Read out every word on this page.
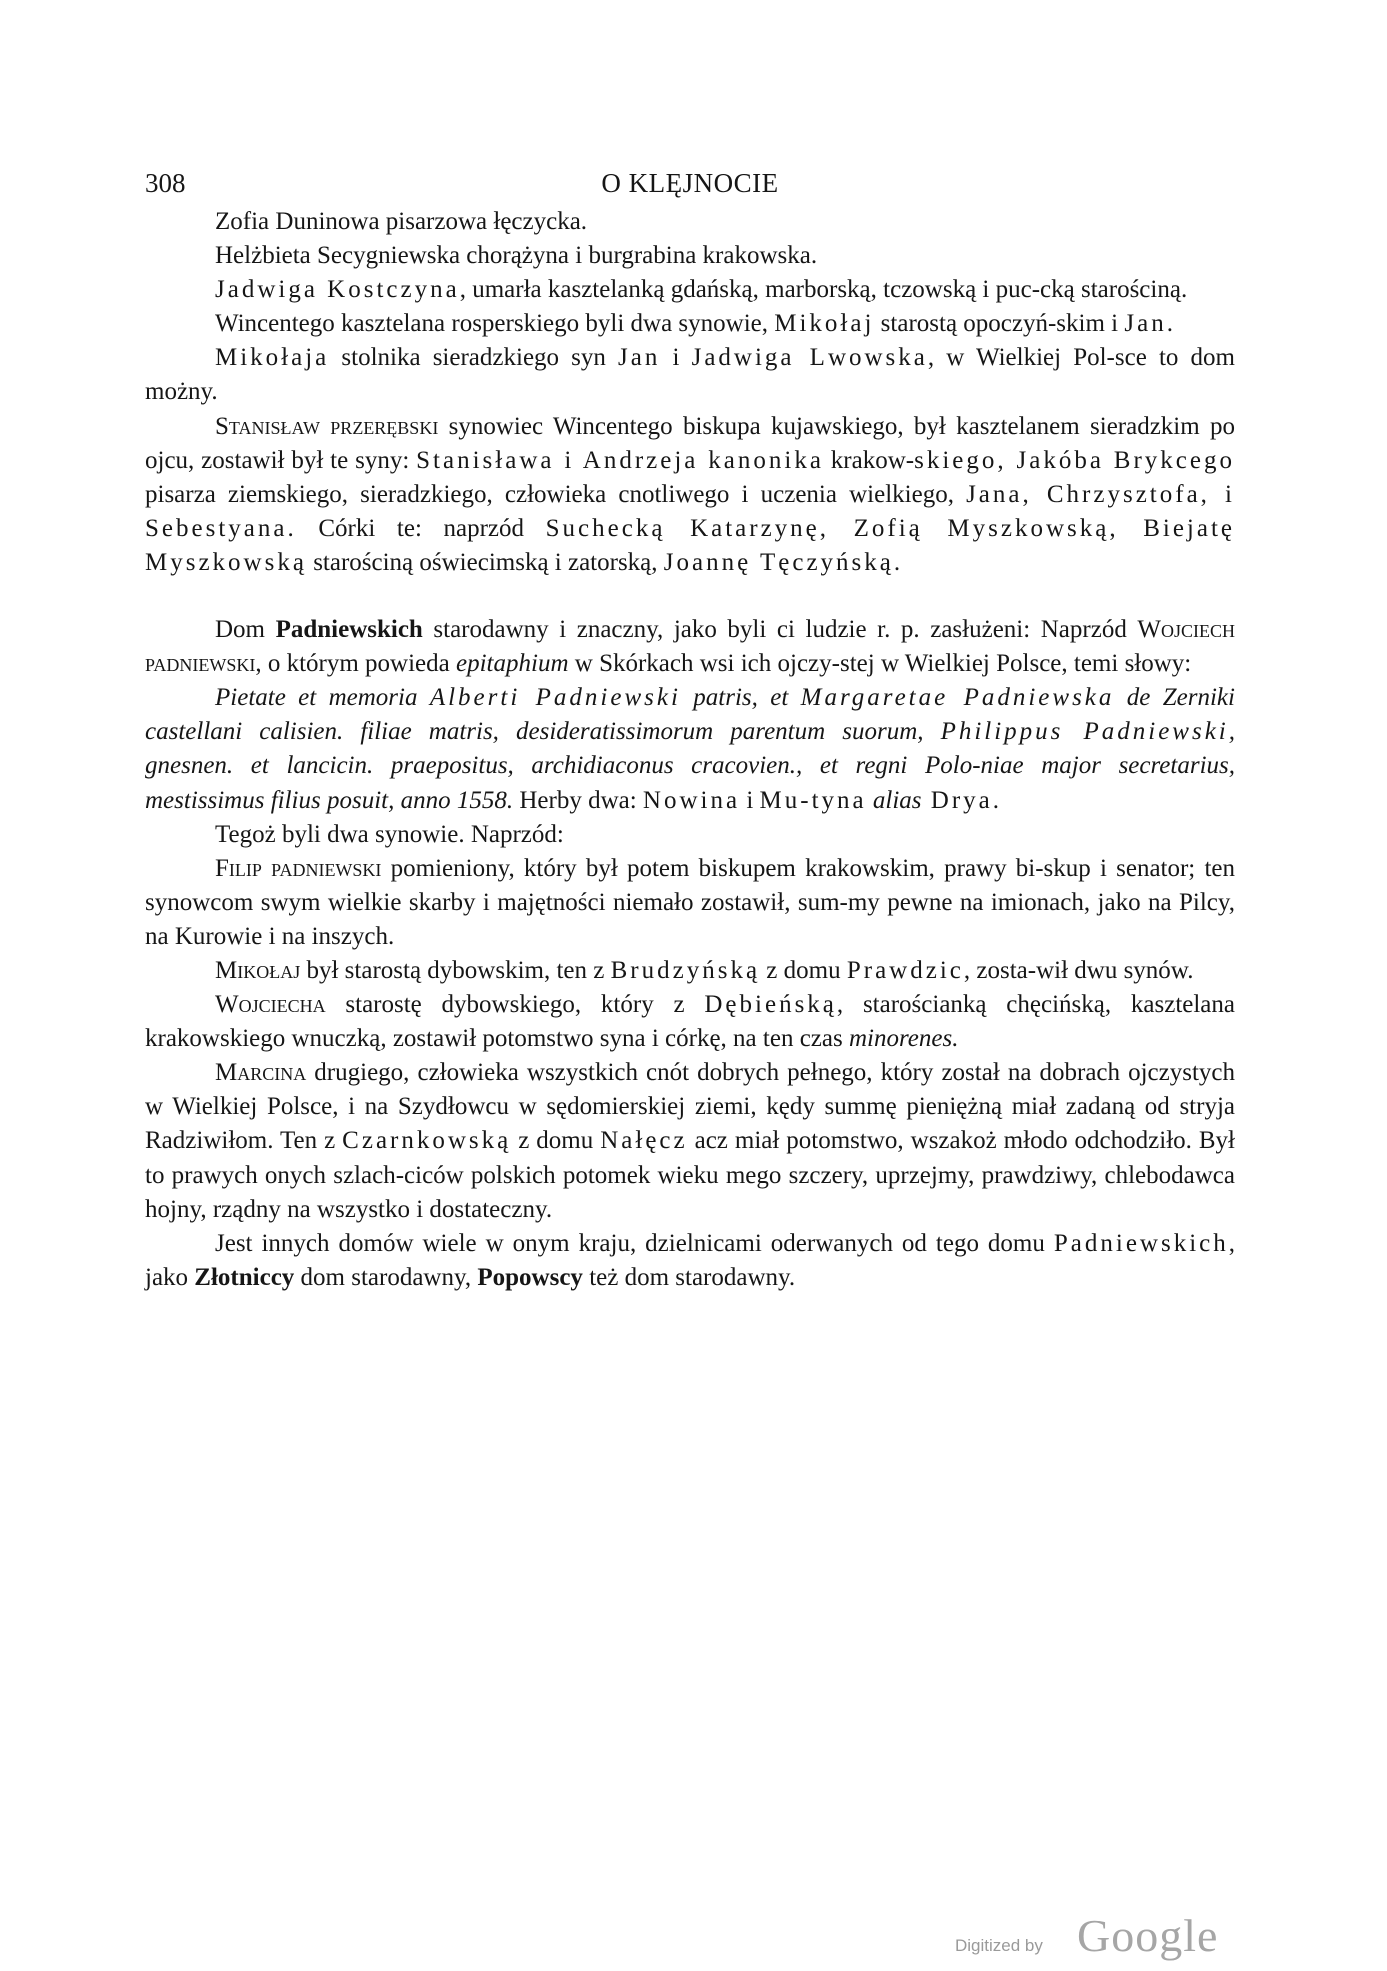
308	O KLĘJNOCIE

Zofia Duninowa pisarzowa łęczycka.

Helżbieta Secygniewska chorążyna i burgrabina krakowska.

Jadwiga Kostczyna, umarła kasztelanką gdańską, marborską, tczowską i puc-cką starościną.

Wincentego kasztelana rosperskiego byli dwa synowie, Mikołaj starostą opoczyń-skim i Jan.

Mikołaja stolnika sieradzkiego syn Jan i Jadwiga Lwowska, w Wielkiej Pol-sce to dom możny.

Stanisław przerębski synowiec Wincentego biskupa kujawskiego, był kasztelanem sieradzkim po ojcu, zostawił był te syny: Stanisława i Andrzeja kanonika krakow-skiego, Jakóba Brykcego pisarza ziemskiego, sieradzkiego, człowieka cnotliwego i uczenia wielkiego, Jana, Chrzysztofa, i Sebestyana. Córki te: naprzód Suchecką Katarzynę, Zofią Myszkowską, Biejatę Myszkowską starościną oświecimską i zatorską, Joannę Tęczyńską.

Dom Padniewskich starodawny i znaczny, jako byli ci ludzie r. p. zasłużeni: Naprzód Wojciech padniewski, o którym powieda epitaphium w Skórkach wsi ich ojczy-stej w Wielkiej Polsce, temi słowy:

Pietate et memoria Alberti Padniewski patris, et Margaretae Padniewska de Zerniki castellani calisien. filiae matris, desideratissimorum parentum suorum, Philippus Padniewski, gnesnen. et lancicin. praepositus, archidiaconus cracovien., et regni Polo-niae major secretarius, mestissimus filius posuit, anno 1558. Herby dwa: Nowina i Mu-tyna alias Drya.

Tegoż byli dwa synowie. Naprzód:

Filip padniewski pomieniony, który był potem biskupem krakowskim, prawy bi-skup i senator; ten synowcom swym wielkie skarby i majętności niemało zostawił, sum-my pewne na imionach, jako na Pilcy, na Kurowie i na inszych.

Mikołaj był starostą dybowskim, ten z Brudzyńską z domu Prawdzic, zosta-wił dwu synów.

Wojciecha starostę dybowskiego, który z Dębieńską, starościanką chęcińską, kasztelana krakowskiego wnuczką, zostawił potomstwo syna i córkę, na ten czas minorenes.

Marcina drugiego, człowieka wszystkich cnót dobrych pełnego, który został na dobrach ojczystych w Wielkiej Polsce, i na Szydłowcu w sędomierskiej ziemi, kędy summę pieniężną miał zadaną od stryja Radziwiłom. Ten z Czarnkowską z domu Nałęcz acz miał potomstwo, wszakoż młodo odchodziło. Był to prawych onych szlach-ciców polskich potomek wieku mego szczery, uprzejmy, prawdziwy, chlebodawca hojny, rządny na wszystko i dostateczny.

Jest innych domów wiele w onym kraju, dzielnicami oderwanych od tego domu Padniewskich, jako Złotniccy dom starodawny, Popowscy też dom starodawny.

Digitized by Google
